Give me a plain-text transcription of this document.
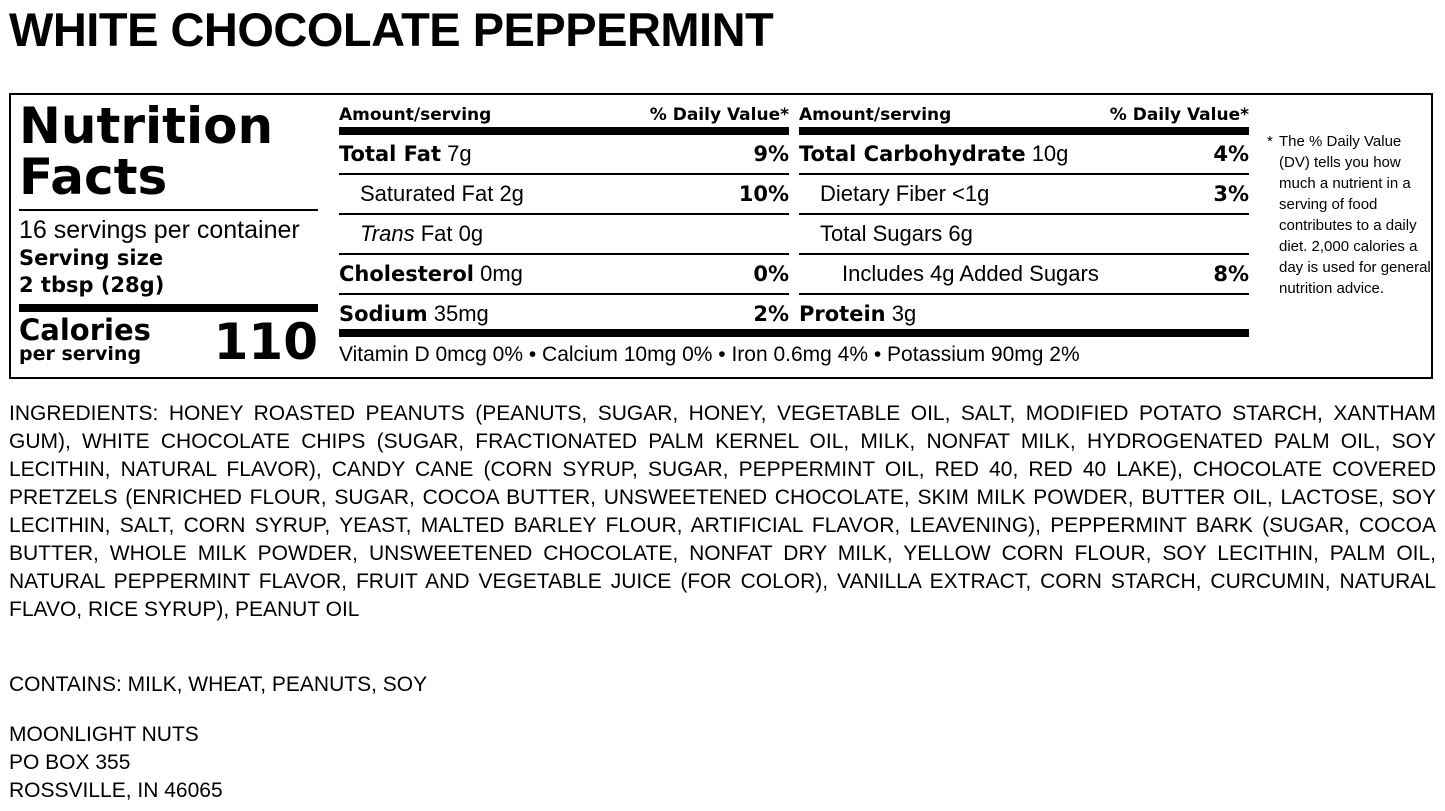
WHITE CHOCOLATE PEPPERMINT
Nutrition
Facts
16 servings per container
Serving size
2 tbsp (28g)
Calories
per serving 110
Amount/serving	% Daily Value*
Total Fat 7g	9%
Saturated Fat 2g	10%
Trans Fat 0g
Cholesterol 0mg	0%
Sodium 35mg	2%
Amount/serving	% Daily Value*
Total Carbohydrate 10g	4%
Dietary Fiber <1g	3%
Total Sugars 6g
Includes 4g Added Sugars	8%
Protein 3g
Vitamin D 0mcg 0% • Calcium 10mg 0% • Iron 0.6mg 4% • Potassium 90mg 2%
* The % Daily Value (DV) tells you how much a nutrient in a serving of food contributes to a daily diet. 2,000 calories a day is used for general nutrition advice.

INGREDIENTS: HONEY ROASTED PEANUTS (PEANUTS, SUGAR, HONEY, VEGETABLE OIL, SALT, MODIFIED POTATO STARCH, XANTHAM GUM), WHITE CHOCOLATE CHIPS (SUGAR, FRACTIONATED PALM KERNEL OIL, MILK, NONFAT MILK, HYDROGENATED PALM OIL, SOY LECITHIN, NATURAL FLAVOR), CANDY CANE (CORN SYRUP, SUGAR, PEPPERMINT OIL, RED 40, RED 40 LAKE), CHOCOLATE COVERED PRETZELS (ENRICHED FLOUR, SUGAR, COCOA BUTTER, UNSWEETENED CHOCOLATE, SKIM MILK POWDER, BUTTER OIL, LACTOSE, SOY LECITHIN, SALT, CORN SYRUP, YEAST, MALTED BARLEY FLOUR, ARTIFICIAL FLAVOR, LEAVENING), PEPPERMINT BARK (SUGAR, COCOA BUTTER, WHOLE MILK POWDER, UNSWEETENED CHOCOLATE, NONFAT DRY MILK, YELLOW CORN FLOUR, SOY LECITHIN, PALM OIL, NATURAL PEPPERMINT FLAVOR, FRUIT AND VEGETABLE JUICE (FOR COLOR), VANILLA EXTRACT, CORN STARCH, CURCUMIN, NATURAL FLAVO, RICE SYRUP), PEANUT OIL

CONTAINS: MILK, WHEAT, PEANUTS, SOY

MOONLIGHT NUTS
PO BOX 355
ROSSVILLE, IN 46065
